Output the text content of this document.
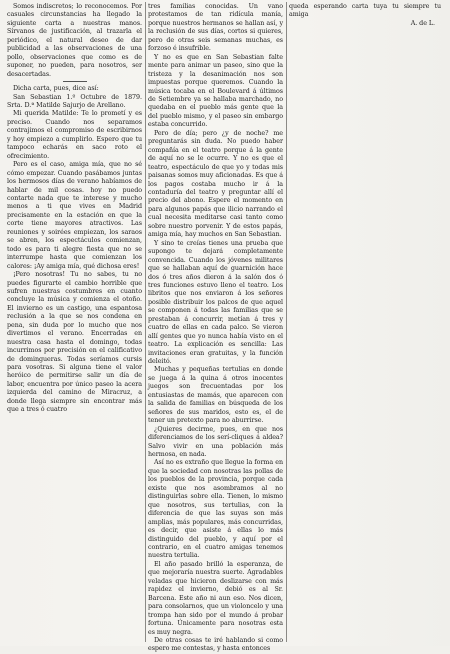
Somos indiscretos; lo reconocemos. Por casuales circunstancias ha llegado la siguiente carta a nuestras manos. Sírvanos de justificación, al trazarla el periódico, el natural deseo de dar publicidad a las observaciones de una pollo, observaciones que como es de suponer, no pueden, para nosotros, ser desacertadas.

Dicha carta, pues, dice así:

San Sebastian 1.º Octubre de 1879. Srta. D.ª Matilde Sajurjo de Arellano.

Mi querida Matilde: Te lo prometí y es preciso. Cuando nos separamos contrajimos el compromiso de escribirnos y hoy empiezo a cumplirlo. Espero que tu tampoco echarás en saco roto el ofrecimiento.

Pero es el caso, amiga mía, que no sé cómo empezar. Cuando pasábamos juntas los hermosos días de verano habíamos de hablar de mil cosas. hoy no puedo contarte nada que te interese y mucho menos a ti que vives en Madrid precisamente en la estación en que la corte tiene mayores atractivos. Las reuniones y soirées empiezan, los saraos se abren, los espectáculos comienzan, todo es para ti alegre fiesta que no se interrumpe hasta que comienzan los calores: ¡Ay amiga mía, qué dichosa eres!

¡Pero nosotras! Tu no sabes, tu no puedes figurarte el cambio horrible que sufren nuestras costumbres en cuanto concluye la música y comienza el otoño. El invierno es un castigo, una espantosa reclusión a la que se nos condena en pena, sin duda por lo mucho que nos divertimos el verano. Encerradas en nuestra casa hasta el domingo, todas incurrimos por precisión en el calificativo de domingueras. Todas seríamos cursis para vosotras. Si alguna tiene el valor heróico de permitirse salir un día de labor, encuentra por único paseo la acera izquierda del camino de Miracruz, a donde llega siempre sin encontrar más que a tres ó cuatro

tres familias conocidas. Un vano protestamos de tan ridícula manía, porque nuestros hermanos se hallan así, y la reclusión de sus días, cortos si quieres, pero de otras seis semanas muchas, es forzoso é insufrible.

Y no es que en San Sebastian falte mente para animar un paseo, sino que la tristeza y la desanimación nos son impuestas porque queremos. Cuando la música tocaba en el Boulevard á últimos de Setiembre ya se hallaba marchado, no quedaba en el pueblo más gente que la del pueblo mismo, y el paseo sin embargo estaba concurrido.

Pero de día; pero ¿y de noche? me preguntarás sin duda. No puedo haber compañía en el teatro porque á la gente de aquí no se le ocurre. Y no es que el teatro, espectáculo de que yo y todas mis paisanas somos muy aficionadas. Es que á los pagos costaba mucho ir á la contaduría del teatro y preguntar allí el precio del abono. Espere el momento en para algunos papás que ilicio narrando el cual necesita meditarse casi tanto como sobre nuestro porvenir. Y de estos papás, amiga mía, hay muchos en San Sebastian.

Y sino te creías tienes una prueba que supongo te dejará completamente convencida. Cuando los jóvenes militares que se hallaban aquí de guarnición hace dos ó tres años dieron á la salón dos ó tres funciones estuvo lleno el teatro. Los libritos que nos enviaron á los señores posible distribuir los palcos de que aquel se componen á todas las familias que se prestaban á concurrir, metían á tres y cuatro de ellas en cada palco. Se vieron allí gentes que yo nunca había visto en el teatro. La explicación es sencilla: Las invitaciones eran gratuitas, y la función deleitó.

Muchas y pequeñas tertulias en donde se juega á la quina á otros inocentes juegos son frecuentadas por los entusiastas de mamás, que aparecen con la salida de familias en búsqueda de los señores de sus maridos, esto es, el de tener un pretexto para no aburrirse.

¿Quieres decirme, pues, en que nos diferenciamos de los serí-cliques á aldea? Salvo vivir en una población más hermosa, en nada.

Así no es extraño que llegue la forma en que la sociedad con nosotras las pollas de los pueblos de la provincia, porque cada existe que nos asombramos al no distinguirlas sobre ella. Tienen, lo mismo que nosotros, sus tertulias, con la diferencia de que las suyas son más amplias, más populares, más concurridas, es decir, que asiste á ellas lo más distinguido del pueblo, y aquí por el contrario, en el cuatro amigas tenemos nuestra tertulia.

El año pasado brilló la esperanza, de que mejoraría nuestra suerte. Agradables veladas que hicieron deslizarse con más rapidez el invierno, debió es al Sr. Barcena. Este año ni aun eso. Nos dicen, para consolarnos, que un violoncelo y una trompa han sido por el mundo á probar fortuna. Únicamente para nosotras esta es muy negra.

De otras cosas te iré hablando si como espero me contestas, y hasta entonces

queda esperando carta tuya tu siempre tu amiga

A. de L.
